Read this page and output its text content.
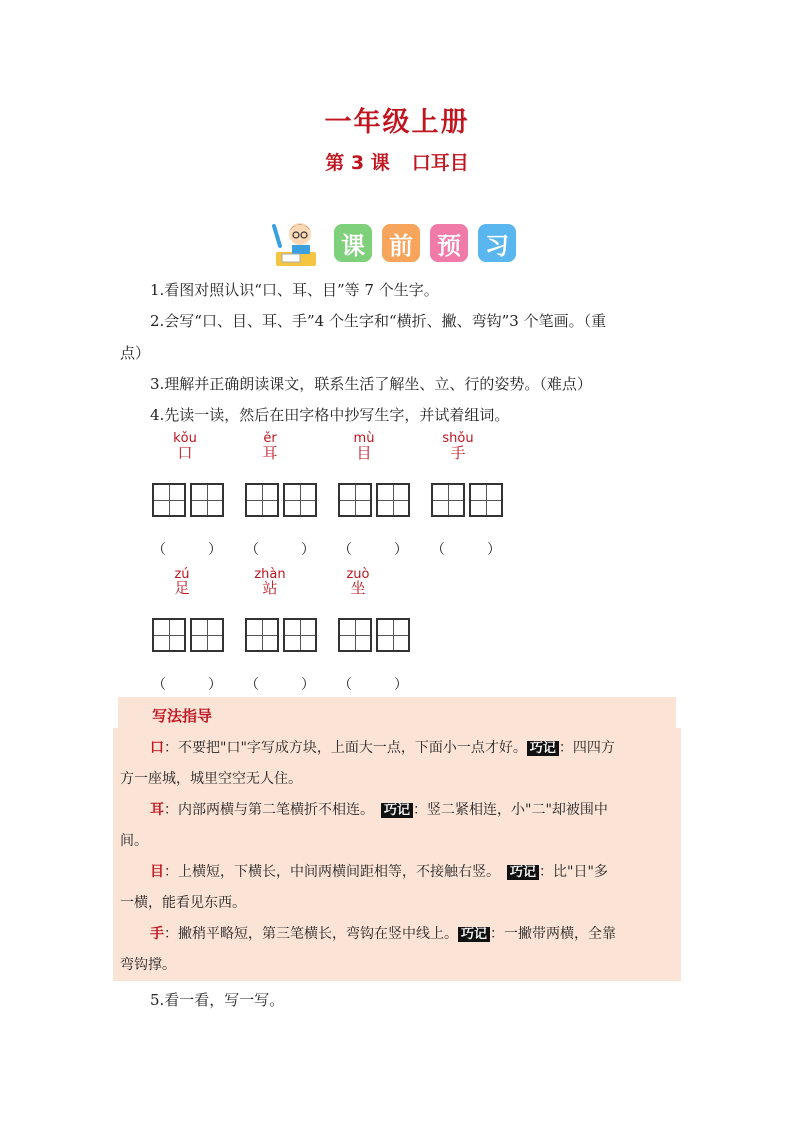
一年级上册
第 3 课 口耳目
课 前 预 习
1.看图对照认识“口、耳、目”等 7 个生字。
2.会写“口、目、耳、手”4 个生字和“横折、撇、弯钩”3 个笔画。（重
点）
3.理解并正确朗读课文，联系生活了解坐、立、行的姿势。（难点）
4.先读一读，然后在田字格中抄写生字，并试着组词。
kǒu
口
ěr
耳
mù
目
shǒu
手
（　　　） （　　　） （　　　） （　　　）
zú
足
zhàn
站
zuò
坐
（　　　） （　　　） （　　　）
写法指导
口：不要把"口"字写成方块，上面大一点，下面小一点才好。 巧记 ：四四方
方一座城，城里空空无人住。
耳：内部两横与第二笔横折不相连。　 巧记 ：竖二紧相连，小"二"却被围中
间。
目：上横短，下横长，中间两横间距相等，不接触右竖。　 巧记 ：比"日"多
一横，能看见东西。
手：撇稍平略短，第三笔横长，弯钩在竖中线上。 巧记 ：一撇带两横，全靠
弯钩撑。
5.看一看，写一写。
